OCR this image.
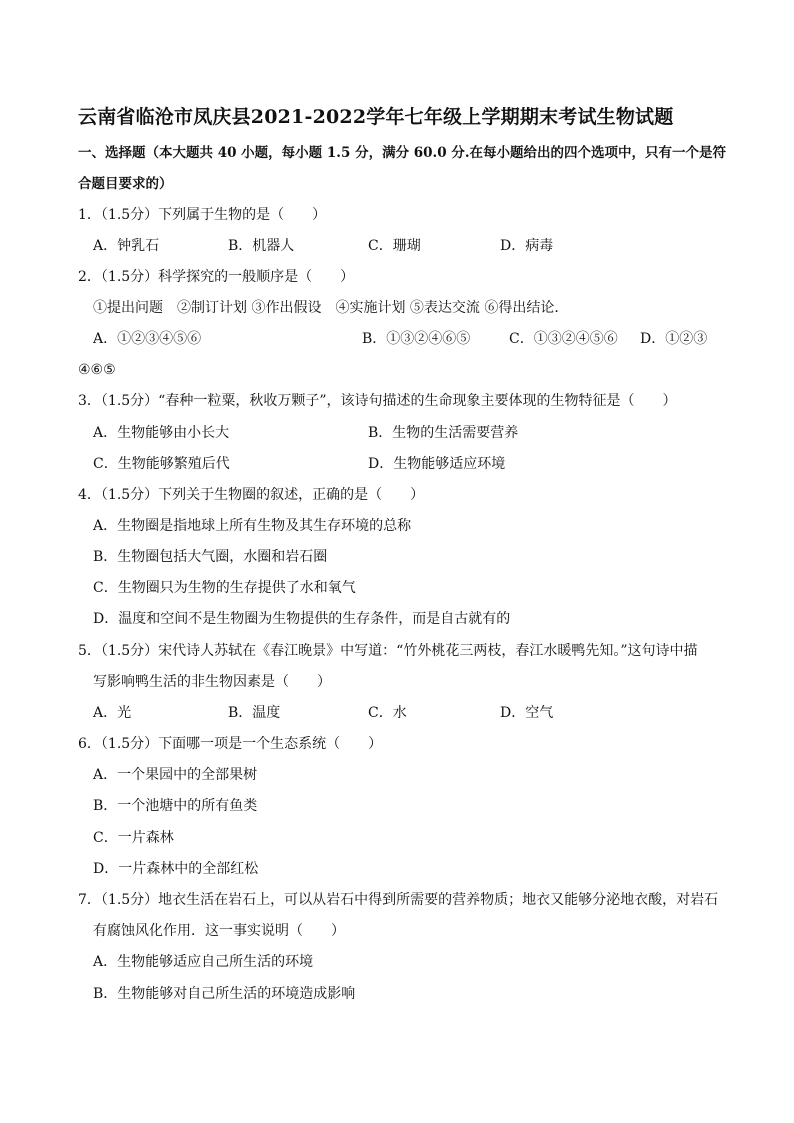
云南省临沧市凤庆县2021-2022学年七年级上学期期末考试生物试题
一、选择题（本大题共 40 小题，每小题 1.5 分，满分 60.0 分.在每小题给出的四个选项中，只有一个是符
合题目要求的）
1．（1.5分）下列属于生物的是（　　）
A．钟乳石	B．机器人	C．珊瑚	D．病毒
2．（1.5分）科学探究的一般顺序是（　　）
①提出问题　②制订计划 ③作出假设　④实施计划 ⑤表达交流 ⑥得出结论．
A．①②③④⑤⑥	B．①③②④⑥⑤	C．①③②④⑤⑥ D．①②③
④⑥⑤
3．（1.5分）“春种一粒粟，秋收万颗子”，该诗句描述的生命现象主要体现的生物特征是（　　）
A．生物能够由小长大	B．生物的生活需要营养
C．生物能够繁殖后代	D．生物能够适应环境
4．（1.5分）下列关于生物圈的叙述，正确的是（　　）
A．生物圈是指地球上所有生物及其生存环境的总称
B．生物圈包括大气圈，水圈和岩石圈
C．生物圈只为生物的生存提供了水和氧气
D．温度和空间不是生物圈为生物提供的生存条件，而是自古就有的
5．（1.5分）宋代诗人苏轼在《春江晚景》中写道：“竹外桃花三两枝，春江水暖鸭先知。”这句诗中描
写影响鸭生活的非生物因素是（　　）
A．光	B．温度	C．水	D．空气
6．（1.5分）下面哪一项是一个生态系统（　　）
A．一个果园中的全部果树
B．一个池塘中的所有鱼类
C．一片森林
D．一片森林中的全部红松
7．（1.5分）地衣生活在岩石上，可以从岩石中得到所需要的营养物质；地衣又能够分泌地衣酸，对岩石
有腐蚀风化作用．这一事实说明（　　）
A．生物能够适应自己所生活的环境
B．生物能够对自己所生活的环境造成影响
